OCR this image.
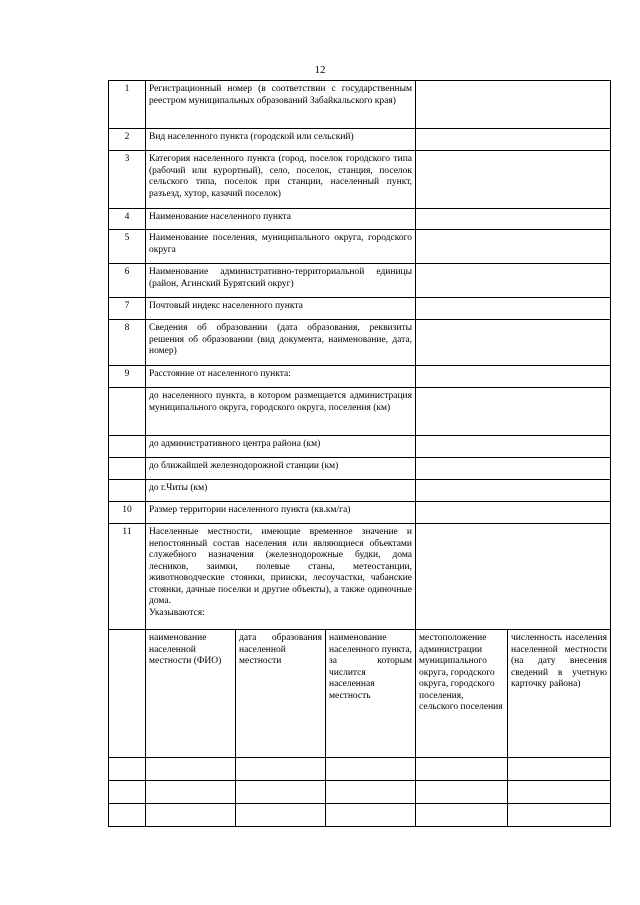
12
1	Регистрационный номер (в соответствии с государственным реестром муниципальных образований Забайкальского края)				
2	Вид населенного пункта (городской или сельский)				
3	Категория населенного пункта (город, поселок городского типа (рабочий или курортный), село, поселок, станция, поселок сельского типа, поселок при станции, населенный пункт, разъезд, хутор, казачий поселок)				
4	Наименование населенного пункта				
5	Наименование поселения, муниципального округа, городского округа				
6	Наименование административно-территориальной единицы (район, Агинский Бурятский округ)				
7	Почтовый индекс населенного пункта				
8	Сведения об образовании (дата образования, реквизиты решения об образовании (вид документа, наименование, дата, номер)				
9	Расстояние от населенного пункта:				
	до населенного пункта, в котором размещается администрация муниципального округа, городского округа, поселения (км)				
	до административного центра района (км)				
	до ближайшей железнодорожной станции (км)				
	до г.Читы (км)				
10	Размер территории населенного пункта (кв.км/га)				
11	Населенные местности, имеющие временное значение и непостоянный состав населения или являющиеся объектами служебного назначения (железнодорожные будки, дома лесников, заимки, полевые станы, метеостанции, животноводческие стоянки, прииски, лесоучастки, чабанские стоянки, дачные поселки и другие объекты), а также одиночные дома.
Указываются:				
	наименование населенной местности (ФИО)	дата образования населенной местности	наименование населенного пункта, за которым числится населенная местность	местоположение администрации муниципального округа, городского округа, городского поселения, сельского поселения	численность населения населенной местности (на дату внесения сведений в учетную карточку района)
